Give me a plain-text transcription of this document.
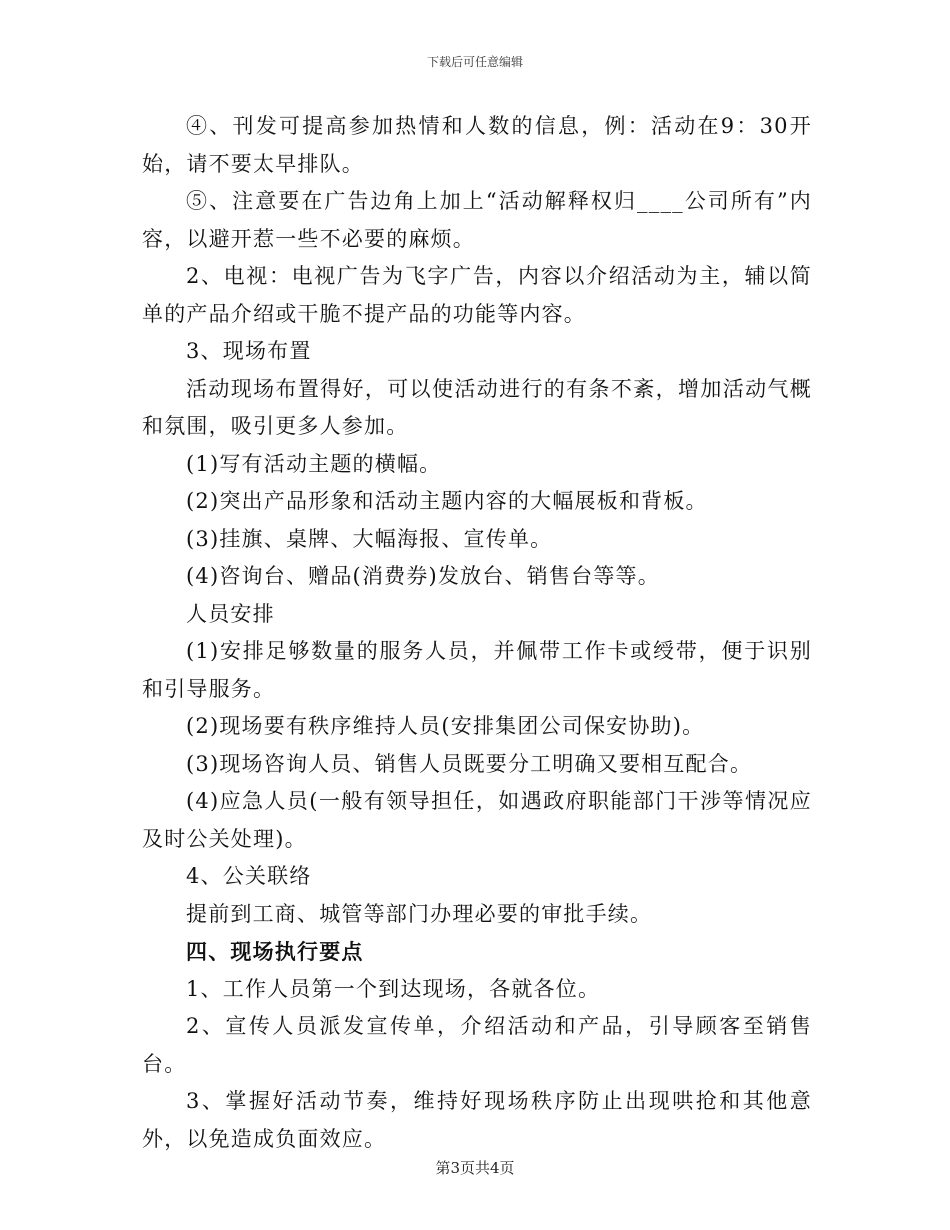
下载后可任意编辑

④、刊发可提高参加热情和人数的信息，例：活动在9：30开始，请不要太早排队。

⑤、注意要在广告边角上加上“活动解释权归____公司所有”内容，以避开惹一些不必要的麻烦。

2、电视：电视广告为飞字广告，内容以介绍活动为主，辅以简单的产品介绍或干脆不提产品的功能等内容。

3、现场布置

活动现场布置得好，可以使活动进行的有条不紊，增加活动气概和氛围，吸引更多人参加。

(1)写有活动主题的横幅。

(2)突出产品形象和活动主题内容的大幅展板和背板。

(3)挂旗、桌牌、大幅海报、宣传单。

(4)咨询台、赠品(消费券)发放台、销售台等等。

人员安排

(1)安排足够数量的服务人员，并佩带工作卡或绶带，便于识别和引导服务。

(2)现场要有秩序维持人员(安排集团公司保安协助)。

(3)现场咨询人员、销售人员既要分工明确又要相互配合。

(4)应急人员(一般有领导担任，如遇政府职能部门干涉等情况应及时公关处理)。

4、公关联络

提前到工商、城管等部门办理必要的审批手续。

四、现场执行要点

1、工作人员第一个到达现场，各就各位。

2、宣传人员派发宣传单，介绍活动和产品，引导顾客至销售台。

3、掌握好活动节奏，维持好现场秩序防止出现哄抢和其他意外，以免造成负面效应。

第3页共4页
